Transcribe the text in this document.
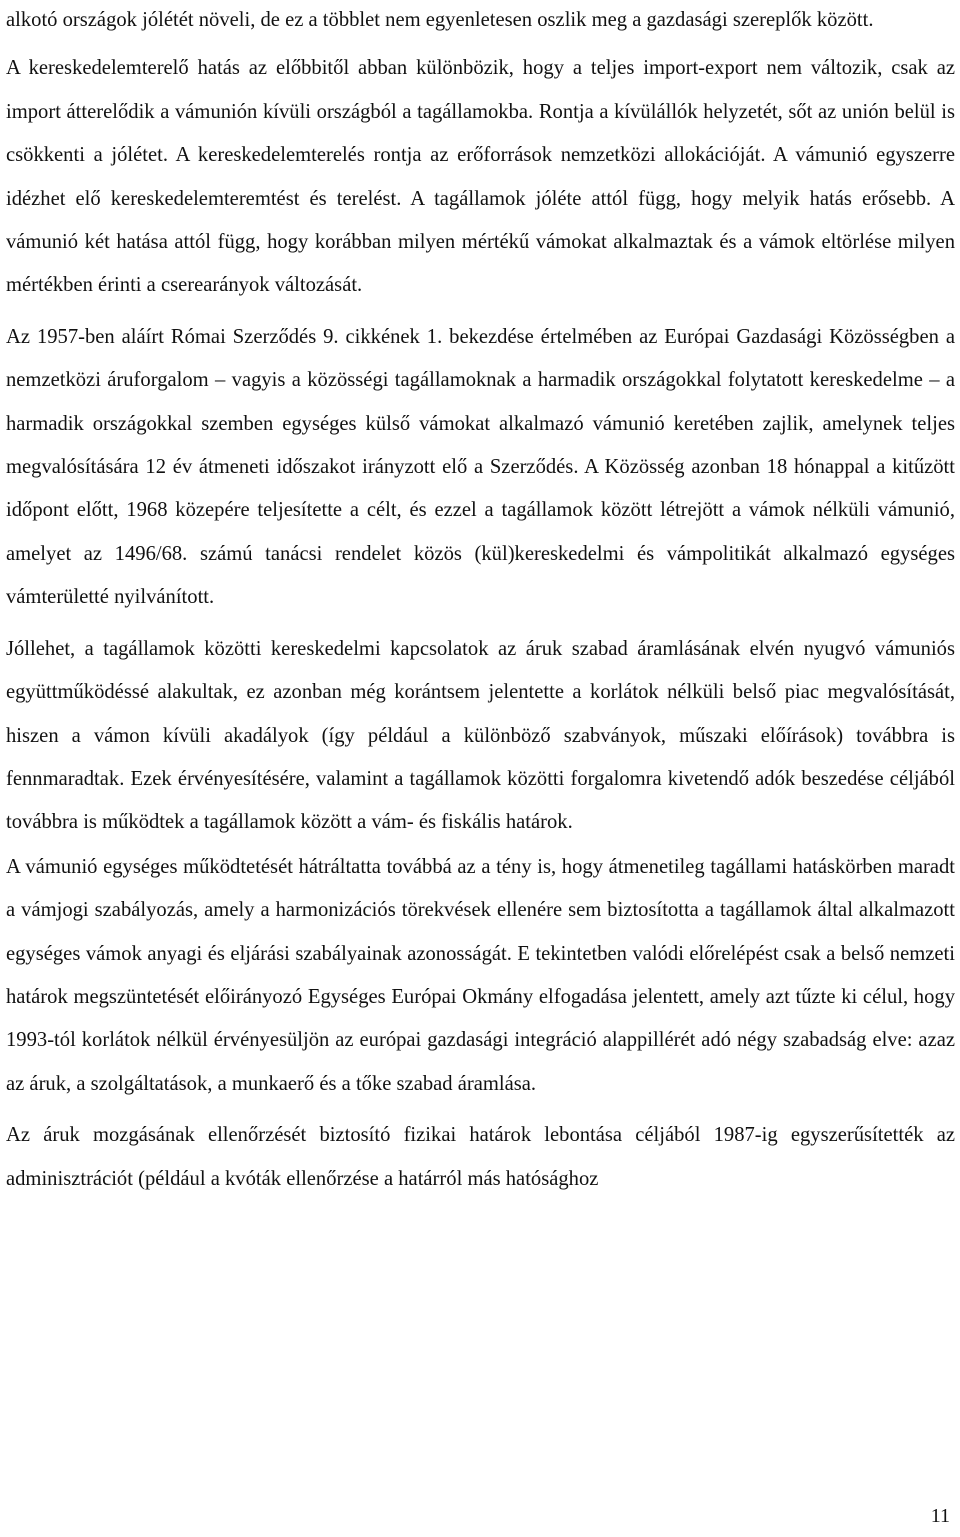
alkotó országok jólétét növeli, de ez a többlet nem egyenletesen oszlik meg a gazdasági szereplők között.

A kereskedelemterelő hatás az előbbitől abban különbözik, hogy a teljes import-export nem változik, csak az import átterelődik a vámunión kívüli országból a tagállamokba. Rontja a kívülállók helyzetét, sőt az unión belül is csökkenti a jólétet. A kereskedelemterelés rontja az erőforrások nemzetközi allokációját. A vámunió egyszerre idézhet elő kereskedelemteremtést és terelést. A tagállamok jóléte attól függ, hogy melyik hatás erősebb. A vámunió két hatása attól függ, hogy korábban milyen mértékű vámokat alkalmaztak és a vámok eltörlése milyen mértékben érinti a cserearányok változását.

Az 1957-ben aláírt Római Szerződés 9. cikkének 1. bekezdése értelmében az Európai Gazdasági Közösségben a nemzetközi áruforgalom – vagyis a közösségi tagállamoknak a harmadik országokkal folytatott kereskedelme – a harmadik országokkal szemben egységes külső vámokat alkalmazó vámunió keretében zajlik, amelynek teljes megvalósítására 12 év átmeneti időszakot irányzott elő a Szerződés. A Közösség azonban 18 hónappal a kitűzött időpont előtt, 1968 közepére teljesítette a célt, és ezzel a tagállamok között létrejött a vámok nélküli vámunió, amelyet az 1496/68. számú tanácsi rendelet közös (kül)kereskedelmi és vámpolitikát alkalmazó egységes vámterületté nyilvánított.

Jóllehet, a tagállamok közötti kereskedelmi kapcsolatok az áruk szabad áramlásának elvén nyugvó vámuniós együttműködéssé alakultak, ez azonban még korántsem jelentette a korlátok nélküli belső piac megvalósítását, hiszen a vámon kívüli akadályok (így például a különböző szabványok, műszaki előírások) továbbra is fennmaradtak. Ezek érvényesítésére, valamint a tagállamok közötti forgalomra kivetendő adók beszedése céljából továbbra is működtek a tagállamok között a vám- és fiskális határok.

A vámunió egységes működtetését hátráltatta továbbá az a tény is, hogy átmenetileg tagállami hatáskörben maradt a vámjogi szabályozás, amely a harmonizációs törekvések ellenére sem biztosította a tagállamok által alkalmazott egységes vámok anyagi és eljárási szabályainak azonosságát. E tekintetben valódi előrelépést csak a belső nemzeti határok megszüntetését előirányozó Egységes Európai Okmány elfogadása jelentett, amely azt tűzte ki célul, hogy 1993-tól korlátok nélkül érvényesüljön az európai gazdasági integráció alappillérét adó négy szabadság elve: azaz az áruk, a szolgáltatások, a munkaerő és a tőke szabad áramlása.

Az áruk mozgásának ellenőrzését biztosító fizikai határok lebontása céljából 1987-ig egyszerűsítették az adminisztrációt (például a kvóták ellenőrzése a határról más hatósághoz

11
